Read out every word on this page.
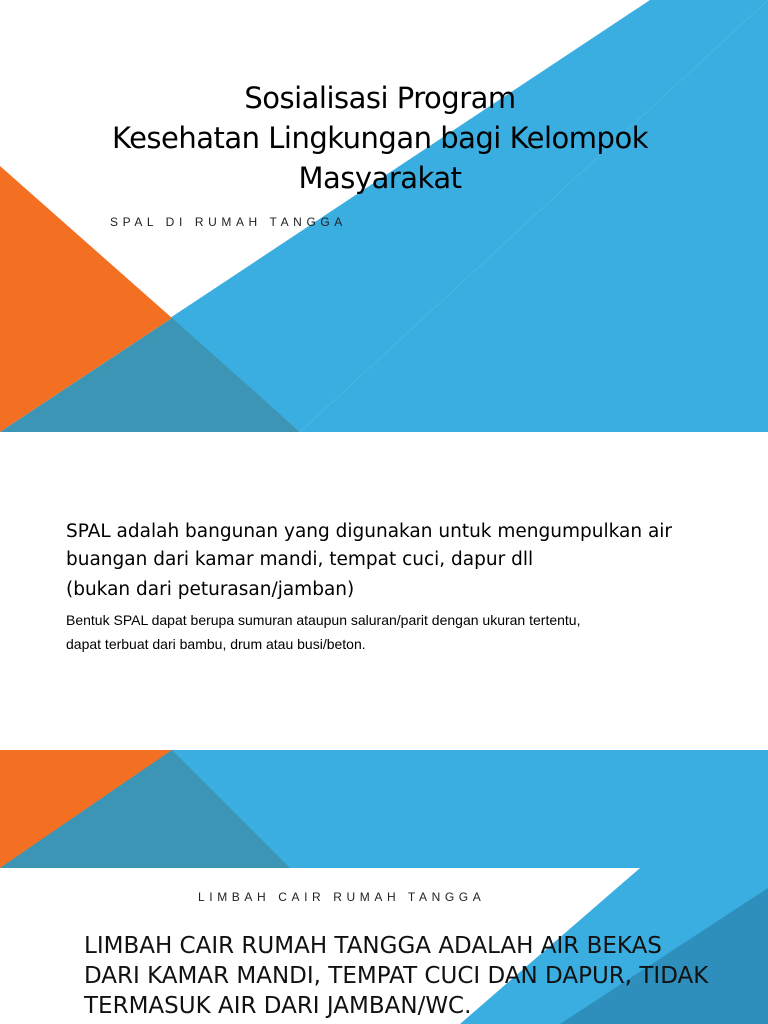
Sosialisasi Program
Kesehatan Lingkungan bagi Kelompok
Masyarakat
SPAL DI RUMAH TANGGA

SPAL adalah bangunan yang digunakan untuk mengumpulkan air

buangan dari kamar mandi, tempat cuci, dapur dll

(bukan dari peturasan/jamban)

Bentuk SPAL dapat berupa sumuran ataupun saluran/parit dengan ukuran tertentu,

dapat terbuat dari bambu, drum atau busi/beton.

LIMBAH CAIR RUMAH TANGGA
LIMBAH CAIR RUMAH TANGGA ADALAH AIR BEKAS
DARI KAMAR MANDI, TEMPAT CUCI DAN DAPUR, TIDAK
TERMASUK AIR DARI JAMBAN/WC.
